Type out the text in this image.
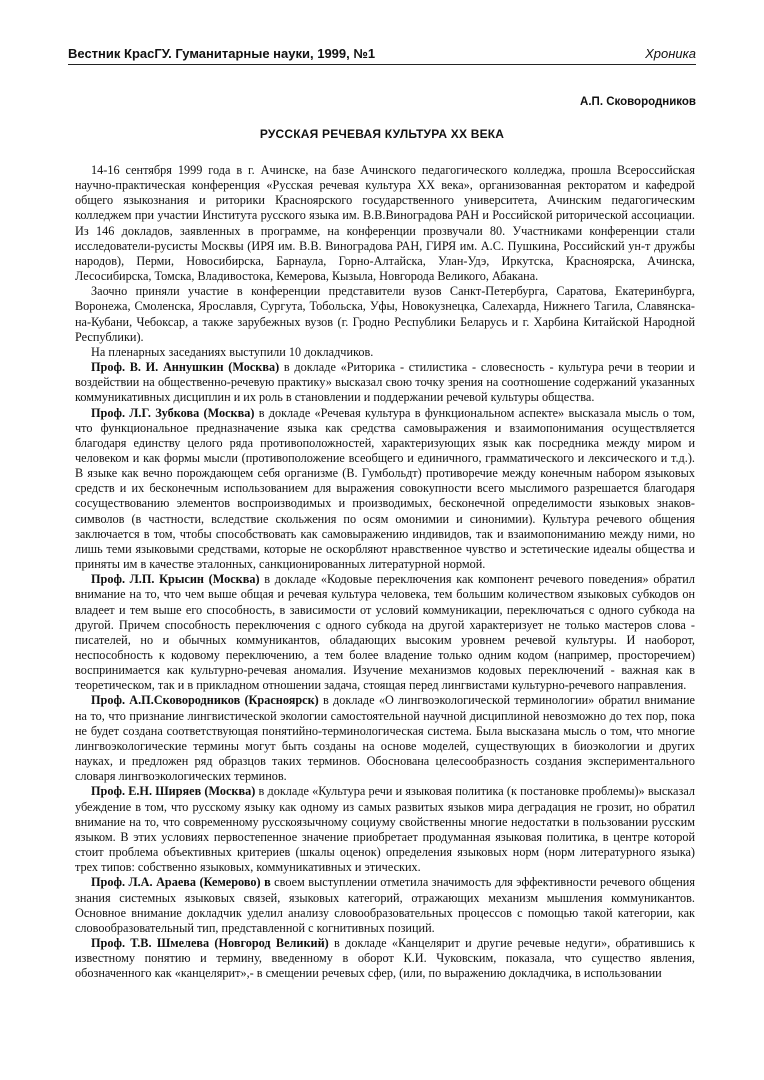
Вестник КрасГУ. Гуманитарные науки, 1999, №1	Хроника
А.П. Сковородников
РУССКАЯ РЕЧЕВАЯ КУЛЬТУРА XX ВЕКА

14-16 сентября 1999 года в г. Ачинске, на базе Ачинского педагогического колледжа, прошла Всероссийская научно-практическая конференция «Русская речевая культура XX века», организованная ректоратом и кафедрой общего языкознания и риторики Красноярского государственного университета, Ачинским педагогическим колледжем при участии Института русского языка им. В.В.Виноградова РАН и Российской риторической ассоциации. Из 146 докладов, заявленных в программе, на конференции прозвучали 80. Участниками конференции стали исследователи-русисты Москвы (ИРЯ им. В.В. Виноградова РАН, ГИРЯ им. А.С. Пушкина, Российский ун-т дружбы народов), Перми, Новосибирска, Барнаула, Горно-Алтайска, Улан-Удэ, Иркутска, Красноярска, Ачинска, Лесосибирска, Томска, Владивостока, Кемерова, Кызыла, Новгорода Великого, Абакана.

Заочно приняли участие в конференции представители вузов Санкт-Петербурга, Саратова, Екатеринбурга, Воронежа, Смоленска, Ярославля, Сургута, Тобольска, Уфы, Новокузнецка, Салехарда, Нижнего Тагила, Славянска-на-Кубани, Чебоксар, а также зарубежных вузов (г. Гродно Республики Беларусь и г. Харбина Китайской Народной Республики).

На пленарных заседаниях выступили 10 докладчиков.

Проф. В. И. Аннушкин (Москва) в докладе «Риторика - стилистика - словесность - культура речи в теории и воздействии на общественно-речевую практику» высказал свою точку зрения на соотношение содержаний указанных коммуникативных дисциплин и их роль в становлении и поддержании речевой культуры общества.

Проф. Л.Г. Зубкова (Москва) в докладе «Речевая культура в функциональном аспекте» высказала мысль о том, что функциональное предназначение языка как средства самовыражения и взаимопонимания осуществляется благодаря единству целого ряда противоположностей, характеризующих язык как посредника между миром и человеком и как формы мысли (противоположение всеобщего и единичного, грамматического и лексического и т.д.). В языке как вечно порождающем себя организме (В. Гумбольдт) противоречие между конечным набором языковых средств и их бесконечным использованием для выражения совокупности всего мыслимого разрешается благодаря сосуществованию элементов воспроизводимых и производимых, бесконечной определимости языковых знаков-символов (в частности, вследствие скольжения по осям омонимии и синонимии). Культура речевого общения заключается в том, чтобы способствовать как самовыражению индивидов, так и взаимопониманию между ними, но лишь теми языковыми средствами, которые не оскорбляют нравственное чувство и эстетические идеалы общества и приняты им в качестве эталонных, санкционированных литературной нормой.

Проф. Л.П. Крысин (Москва) в докладе «Кодовые переключения как компонент речевого поведения» обратил внимание на то, что чем выше общая и речевая культура человека, тем большим количеством языковых субкодов он владеет и тем выше его способность, в зависимости от условий коммуникации, переключаться с одного субкода на другой. Причем способность переключения с одного субкода на другой характеризует не только мастеров слова - писателей, но и обычных коммуникантов, обладающих высоким уровнем речевой культуры. И наоборот, неспособность к кодовому переключению, а тем более владение только одним кодом (например, просторечием) воспринимается как культурно-речевая аномалия. Изучение механизмов кодовых переключений - важная как в теоретическом, так и в прикладном отношении задача, стоящая перед лингвистами культурно-речевого направления.

Проф. А.П.Сковородников (Красноярск) в докладе «О лингвоэкологической терминологии» обратил внимание на то, что признание лингвистической экологии самостоятельной научной дисциплиной невозможно до тех пор, пока не будет создана соответствующая понятийно-терминологическая система. Была высказана мысль о том, что многие лингвоэкологические термины могут быть созданы на основе моделей, существующих в биоэкологии и других науках, и предложен ряд образцов таких терминов. Обоснована целесообразность создания экспериментального словаря лингвоэкологических терминов.

Проф. Е.Н. Ширяев (Москва) в докладе «Культура речи и языковая политика (к постановке проблемы)» высказал убеждение в том, что русскому языку как одному из самых развитых языков мира деградация не грозит, но обратил внимание на то, что современному русскоязычному социуму свойственны многие недостатки в пользовании русским языком. В этих условиях первостепенное значение приобретает продуманная языковая политика, в центре которой стоит проблема объективных критериев (шкалы оценок) определения языковых норм (норм литературного языка) трех типов: собственно языковых, коммуникативных и этических.

Проф. Л.А. Араева (Кемерово) в своем выступлении отметила значимость для эффективности речевого общения знания системных языковых связей, языковых категорий, отражающих механизм мышления коммуникантов. Основное внимание докладчик уделил анализу словообразовательных процессов с помощью такой категории, как словообразовательный тип, представленной с когнитивных позиций.

Проф. Т.В. Шмелева (Новгород Великий) в докладе «Канцелярит и другие речевые недуги», обратившись к известному понятию и термину, введенному в оборот К.И. Чуковским, показала, что существо явления, обозначенного как «канцелярит»,- в смещении речевых сфер, (или, по выражению докладчика, в использовании
